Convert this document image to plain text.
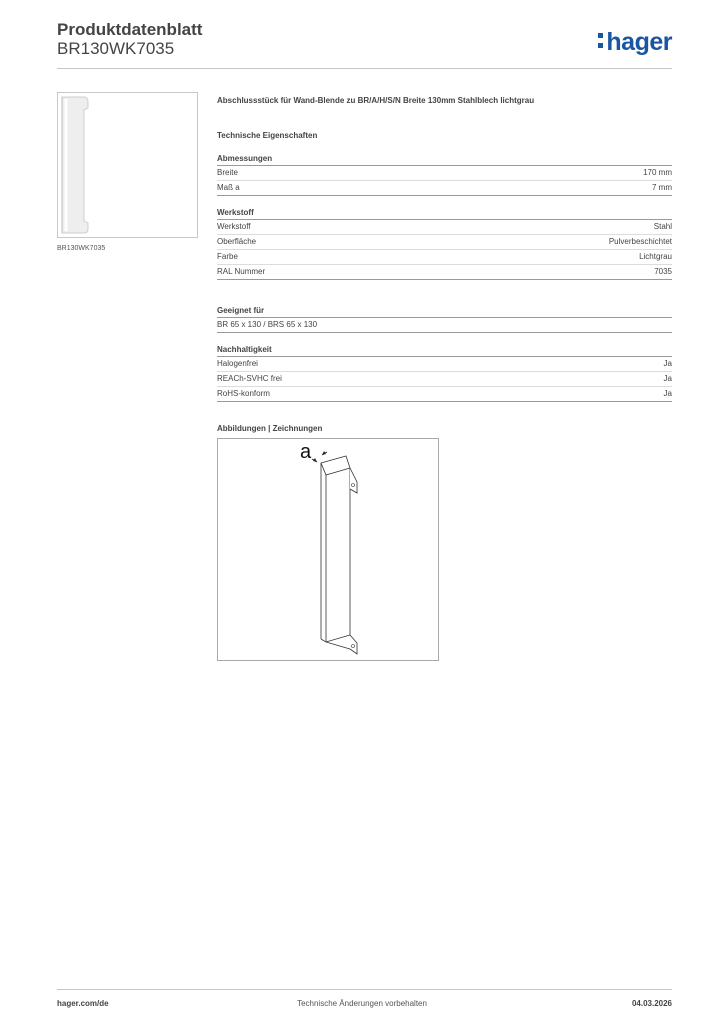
Produktdatenblatt
BR130WK7035	hager
BR130WK7035
Abschlussstück für Wand-Blende zu BR/A/H/S/N Breite 130mm Stahlblech lichtgrau
Technische Eigenschaften
Abmessungen
Breite	170 mm
Maß a	7 mm
Werkstoff
Werkstoff	Stahl
Oberfläche	Pulverbeschichtet
Farbe	Lichtgrau
RAL Nummer	7035
Geeignet für
BR 65 x 130 / BRS 65 x 130
Nachhaltigkeit
Halogenfrei	Ja
REACh-SVHC frei	Ja
RoHS-konform	Ja
Abbildungen | Zeichnungen
a
hager.com/de	Technische Änderungen vorbehalten	04.03.2026
